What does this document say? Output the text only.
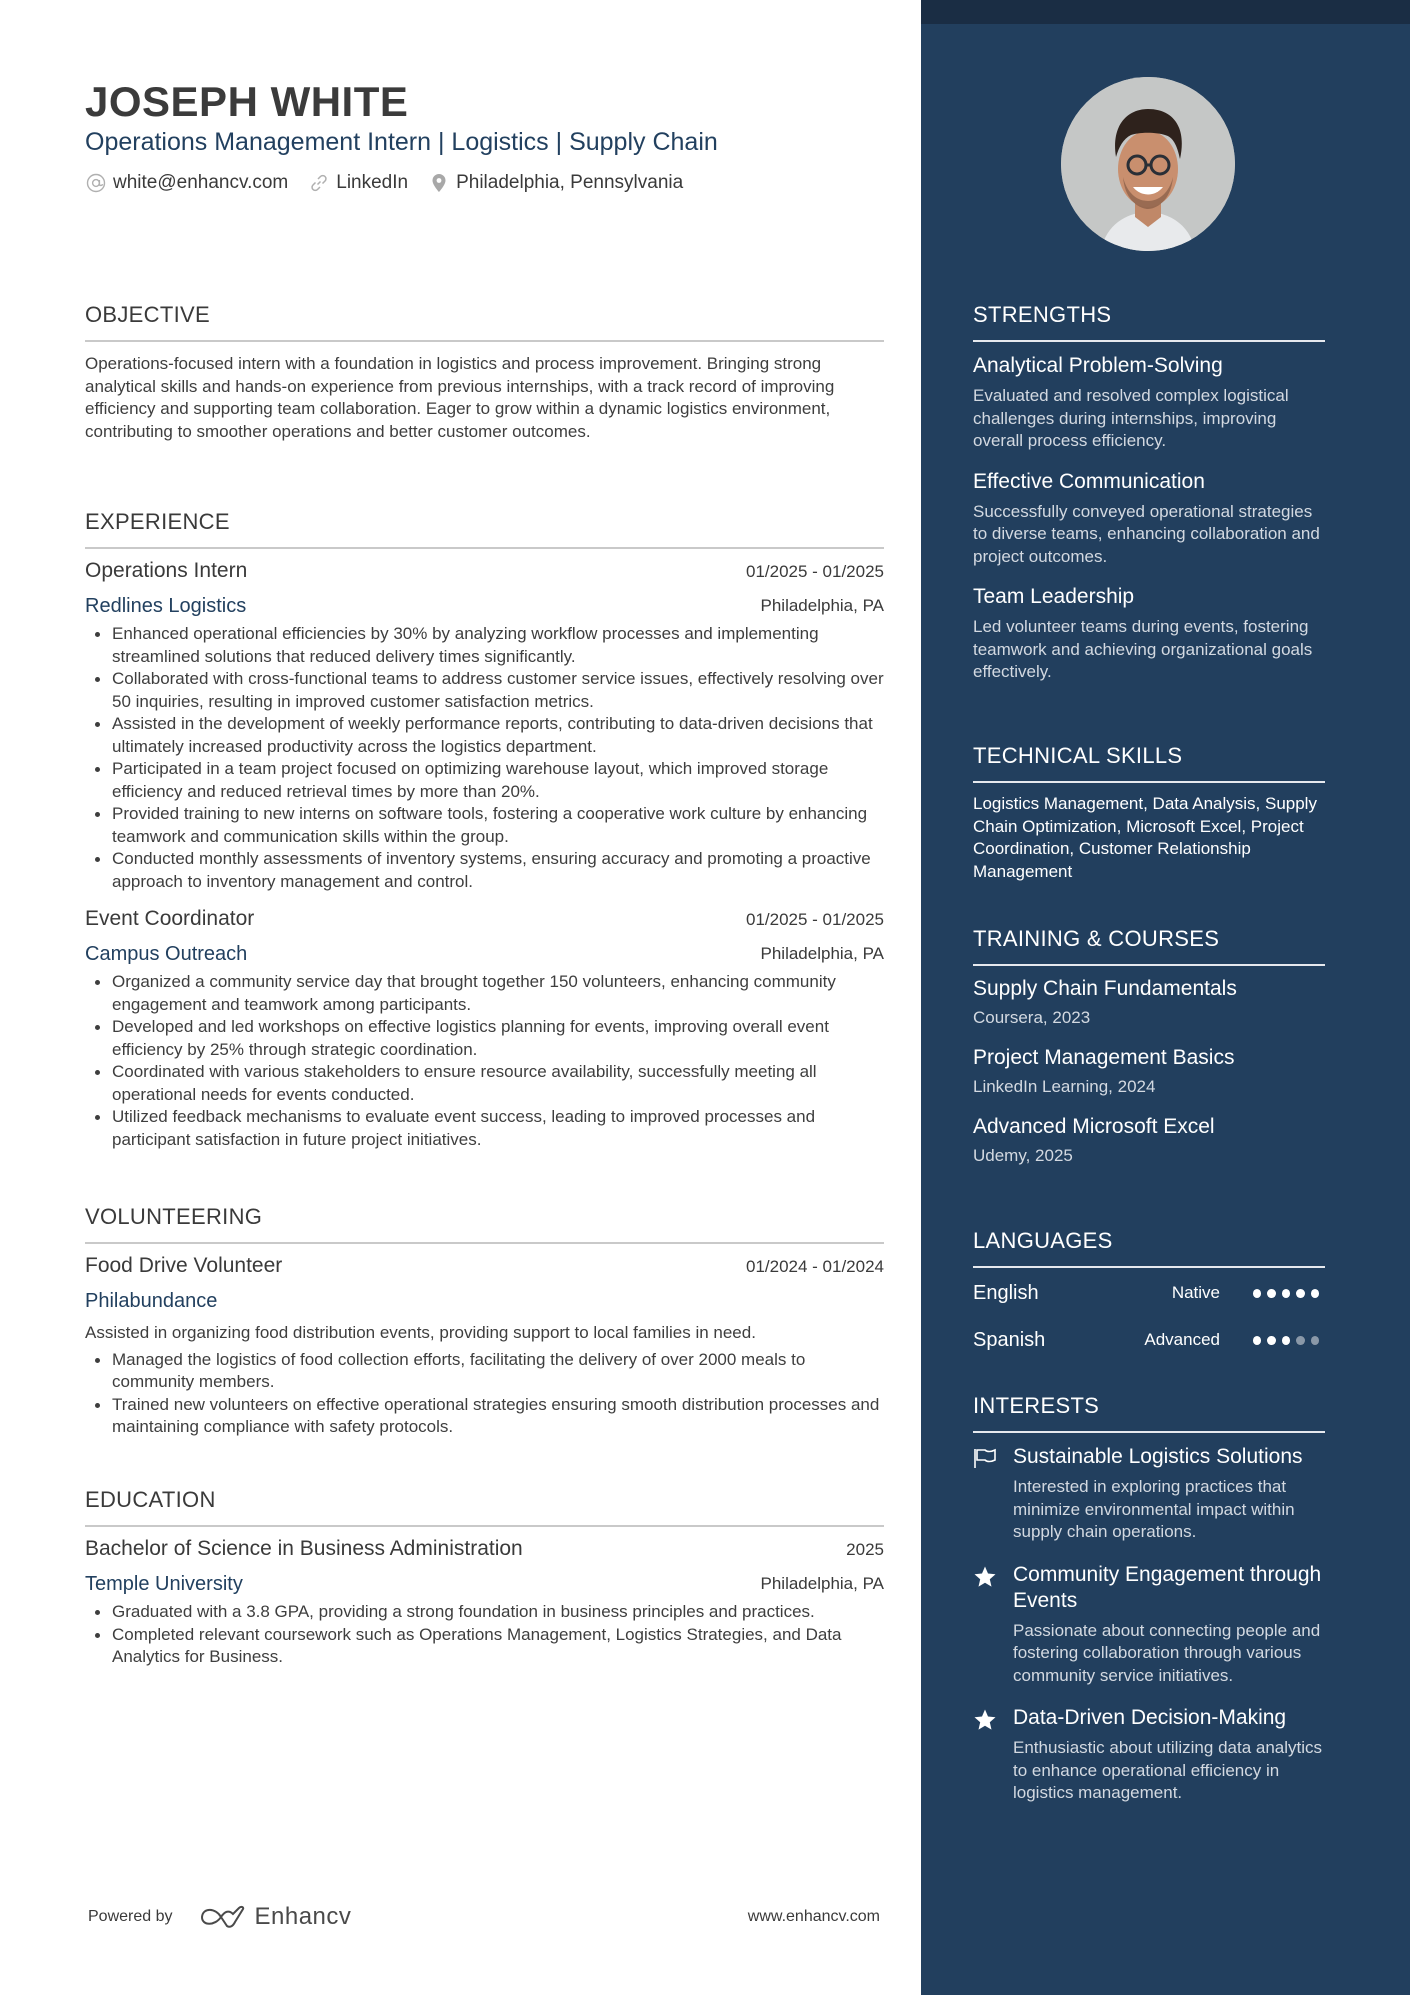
JOSEPH WHITE
Operations Management Intern | Logistics | Supply Chain
white@enhancv.com	LinkedIn	Philadelphia, Pennsylvania
OBJECTIVE
Operations-focused intern with a foundation in logistics and process improvement. Bringing strong analytical skills and hands-on experience from previous internships, with a track record of improving efficiency and supporting team collaboration. Eager to grow within a dynamic logistics environment, contributing to smoother operations and better customer outcomes.
EXPERIENCE
Operations Intern	01/2025 - 01/2025
Redlines Logistics	Philadelphia, PA
Enhanced operational efficiencies by 30% by analyzing workflow processes and implementing streamlined solutions that reduced delivery times significantly.
Collaborated with cross-functional teams to address customer service issues, effectively resolving over 50 inquiries, resulting in improved customer satisfaction metrics.
Assisted in the development of weekly performance reports, contributing to data-driven decisions that ultimately increased productivity across the logistics department.
Participated in a team project focused on optimizing warehouse layout, which improved storage efficiency and reduced retrieval times by more than 20%.
Provided training to new interns on software tools, fostering a cooperative work culture by enhancing teamwork and communication skills within the group.
Conducted monthly assessments of inventory systems, ensuring accuracy and promoting a proactive approach to inventory management and control.
Event Coordinator	01/2025 - 01/2025
Campus Outreach	Philadelphia, PA
Organized a community service day that brought together 150 volunteers, enhancing community engagement and teamwork among participants.
Developed and led workshops on effective logistics planning for events, improving overall event efficiency by 25% through strategic coordination.
Coordinated with various stakeholders to ensure resource availability, successfully meeting all operational needs for events conducted.
Utilized feedback mechanisms to evaluate event success, leading to improved processes and participant satisfaction in future project initiatives.
VOLUNTEERING
Food Drive Volunteer	01/2024 - 01/2024
Philabundance
Assisted in organizing food distribution events, providing support to local families in need.
Managed the logistics of food collection efforts, facilitating the delivery of over 2000 meals to community members.
Trained new volunteers on effective operational strategies ensuring smooth distribution processes and maintaining compliance with safety protocols.
EDUCATION
Bachelor of Science in Business Administration	2025
Temple University	Philadelphia, PA
Graduated with a 3.8 GPA, providing a strong foundation in business principles and practices.
Completed relevant coursework such as Operations Management, Logistics Strategies, and Data Analytics for Business.
Powered by	Enhancv	www.enhancv.com
STRENGTHS
Analytical Problem-Solving
Evaluated and resolved complex logistical challenges during internships, improving overall process efficiency.
Effective Communication
Successfully conveyed operational strategies to diverse teams, enhancing collaboration and project outcomes.
Team Leadership
Led volunteer teams during events, fostering teamwork and achieving organizational goals effectively.
TECHNICAL SKILLS
Logistics Management, Data Analysis, Supply Chain Optimization, Microsoft Excel, Project Coordination, Customer Relationship Management
TRAINING & COURSES
Supply Chain Fundamentals
Coursera, 2023
Project Management Basics
LinkedIn Learning, 2024
Advanced Microsoft Excel
Udemy, 2025
LANGUAGES
English	Native
Spanish	Advanced
INTERESTS
Sustainable Logistics Solutions
Interested in exploring practices that minimize environmental impact within supply chain operations.
Community Engagement through Events
Passionate about connecting people and fostering collaboration through various community service initiatives.
Data-Driven Decision-Making
Enthusiastic about utilizing data analytics to enhance operational efficiency in logistics management.
